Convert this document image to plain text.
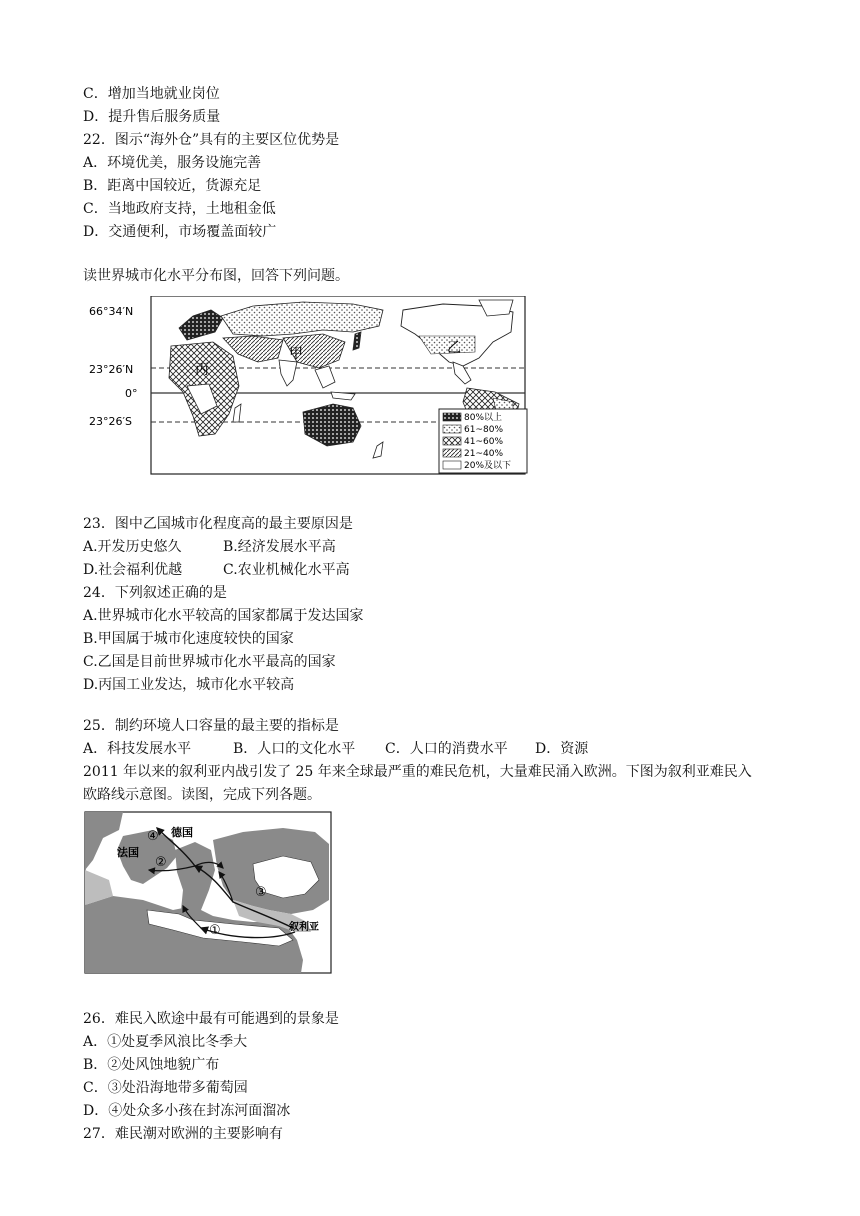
C．增加当地就业岗位
D．提升售后服务质量
22．图示“海外仓”具有的主要区位优势是
A．环境优美，服务设施完善
B．距离中国较近，货源充足
C．当地政府支持，土地租金低
D．交通便利，市场覆盖面较广
读世界城市化水平分布图，回答下列问题。
66°34′N
23°26′N
0°
23°26′S
甲	乙
丙
80%以上
61~80%
41~60%
21~40%
20%及以下
23．图中乙国城市化程度高的最主要原因是
A.开发历史悠久	B.经济发展水平高
D.社会福利优越	C.农业机械化水平高
24．下列叙述正确的是
A.世界城市化水平较高的国家都属于发达国家
B.甲国属于城市化速度较快的国家
C.乙国是目前世界城市化水平最高的国家
D.丙国工业发达，城市化水平较高
25．制约环境人口容量的最主要的指标是
A．科技发展水平	B．人口的文化水平 C．人口的消费水平 D．资源
2011 年以来的叙利亚内战引发了 25 年来全球最严重的难民危机，大量难民涌入欧洲。下图为叙利亚难民入
欧路线示意图。读图，完成下列各题。
德国
法国
叙利亚
①
②
③
④
26．难民入欧途中最有可能遇到的景象是
A．①处夏季风浪比冬季大
B．②处风蚀地貌广布
C．③处沿海地带多葡萄园
D．④处众多小孩在封冻河面溜冰
27．难民潮对欧洲的主要影响有
